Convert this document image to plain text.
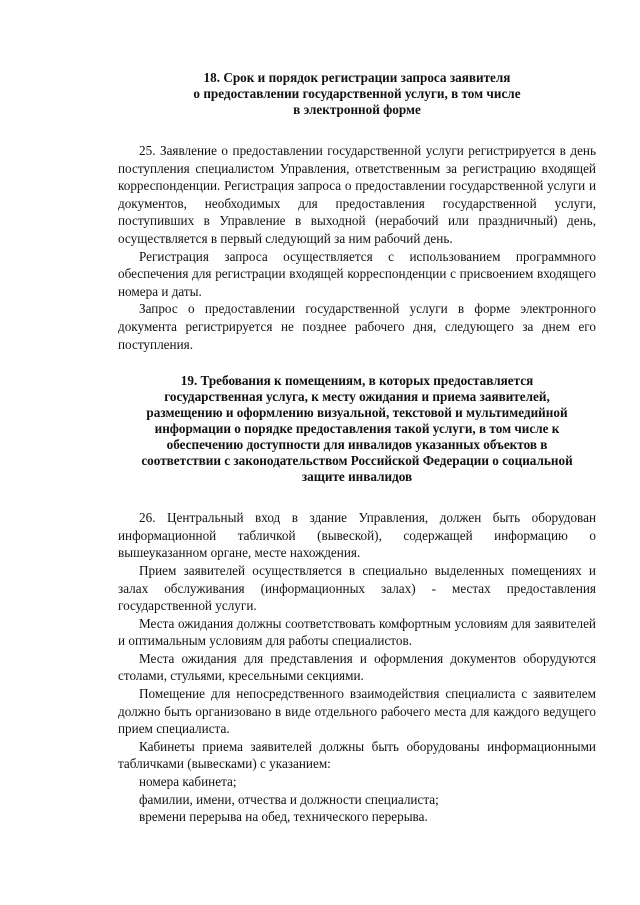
18. Срок и порядок регистрации запроса заявителя
о предоставлении государственной услуги, в том числе
в электронной форме

25. Заявление о предоставлении государственной услуги регистрируется в день поступления специалистом Управления, ответственным за регистрацию входящей корреспонденции. Регистрация запроса о предоставлении государственной услуги и документов, необходимых для предоставления государственной услуги, поступивших в Управление в выходной (нерабочий или праздничный) день, осуществляется в первый следующий за ним рабочий день.

Регистрация запроса осуществляется с использованием программного обеспечения для регистрации входящей корреспонденции с присвоением входящего номера и даты.

Запрос о предоставлении государственной услуги в форме электронного документа регистрируется не позднее рабочего дня, следующего за днем его поступления.

19. Требования к помещениям, в которых предоставляется
государственная услуга, к месту ожидания и приема заявителей,
размещению и оформлению визуальной, текстовой и мультимедийной
информации о порядке предоставления такой услуги, в том числе к
обеспечению доступности для инвалидов указанных объектов в
соответствии с законодательством Российской Федерации о социальной
защите инвалидов

26. Центральный вход в здание Управления, должен быть оборудован информационной табличкой (вывеской), содержащей информацию о вышеуказанном органе, месте нахождения.

Прием заявителей осуществляется в специально выделенных помещениях и залах обслуживания (информационных залах) - местах предоставления государственной услуги.

Места ожидания должны соответствовать комфортным условиям для заявителей и оптимальным условиям для работы специалистов.

Места ожидания для представления и оформления документов оборудуются столами, стульями, кресельными секциями.

Помещение для непосредственного взаимодействия специалиста с заявителем должно быть организовано в виде отдельного рабочего места для каждого ведущего прием специалиста.

Кабинеты приема заявителей должны быть оборудованы информационными табличками (вывесками) с указанием:

номера кабинета;
фамилии, имени, отчества и должности специалиста;
времени перерыва на обед, технического перерыва.
